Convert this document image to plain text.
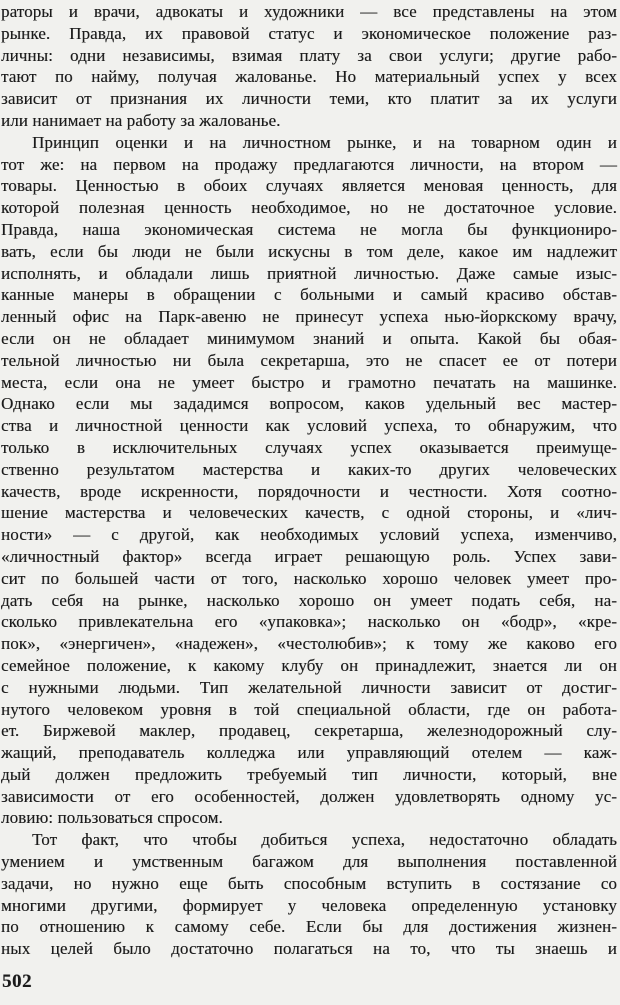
раторы и врачи, адвокаты и художники — все представлены на этом
рынке. Правда, их правовой статус и экономическое положение раз-
личны: одни независимы, взимая плату за свои услуги; другие рабо-
тают по найму, получая жалованье. Но материальный успех у всех
зависит от признания их личности теми, кто платит за их услуги
или нанимает на работу за жалованье.
Принцип оценки и на личностном рынке, и на товарном один и
тот же: на первом на продажу предлагаются личности, на втором —
товары. Ценностью в обоих случаях является меновая ценность, для
которой полезная ценность необходимое, но не достаточное условие.
Правда, наша экономическая система не могла бы функциониро-
вать, если бы люди не были искусны в том деле, какое им надлежит
исполнять, и обладали лишь приятной личностью. Даже самые изыс-
канные манеры в обращении с больными и самый красиво обстав-
ленный офис на Парк-авеню не принесут успеха нью-йоркскому врачу,
если он не обладает минимумом знаний и опыта. Какой бы обая-
тельной личностью ни была секретарша, это не спасет ее от потери
места, если она не умеет быстро и грамотно печатать на машинке.
Однако если мы зададимся вопросом, каков удельный вес мастер-
ства и личностной ценности как условий успеха, то обнаружим, что
только в исключительных случаях успех оказывается преимуще-
ственно результатом мастерства и каких-то других человеческих
качеств, вроде искренности, порядочности и честности. Хотя соотно-
шение мастерства и человеческих качеств, с одной стороны, и «лич-
ности» — с другой, как необходимых условий успеха, изменчиво,
«личностный фактор» всегда играет решающую роль. Успех зави-
сит по большей части от того, насколько хорошо человек умеет про-
дать себя на рынке, насколько хорошо он умеет подать себя, на-
сколько привлекательна его «упаковка»; насколько он «бодр», «кре-
пок», «энергичен», «надежен», «честолюбив»; к тому же каково его
семейное положение, к какому клубу он принадлежит, знается ли он
с нужными людьми. Тип желательной личности зависит от достиг-
нутого человеком уровня в той специальной области, где он работа-
ет. Биржевой маклер, продавец, секретарша, железнодорожный слу-
жащий, преподаватель колледжа или управляющий отелем — каж-
дый должен предложить требуемый тип личности, который, вне
зависимости от его особенностей, должен удовлетворять одному ус-
ловию: пользоваться спросом.
Тот факт, что чтобы добиться успеха, недостаточно обладать
умением и умственным багажом для выполнения поставленной
задачи, но нужно еще быть способным вступить в состязание со
многими другими, формирует у человека определенную установку
по отношению к самому себе. Если бы для достижения жизнен-
ных целей было достаточно полагаться на то, что ты знаешь и
502
